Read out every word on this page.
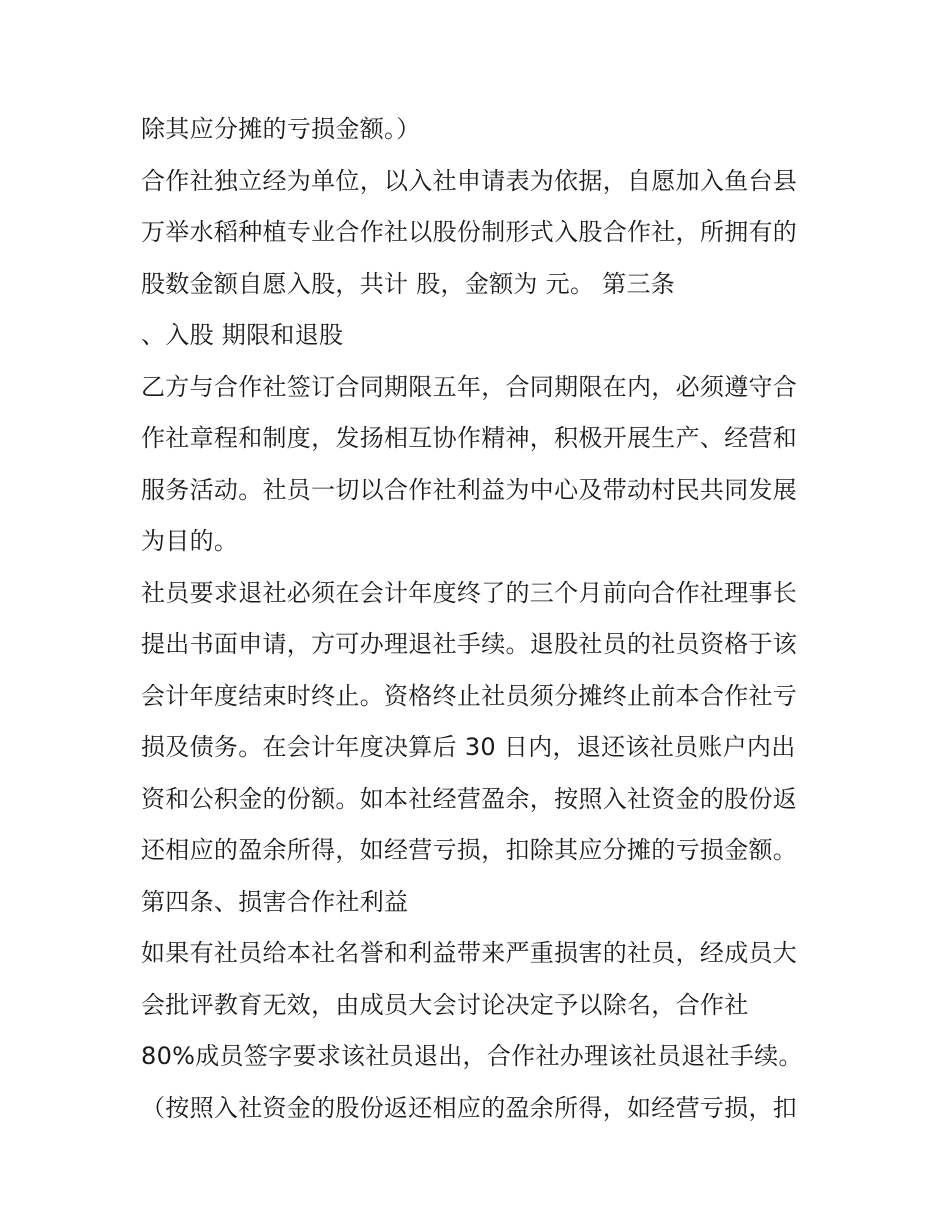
除其应分摊的亏损金额。）
合作社独立经为单位，以入社申请表为依据，自愿加入鱼台县
万举水稻种植专业合作社以股份制形式入股合作社，所拥有的
股数金额自愿入股，共计 股，金额为 元。 第三条
、入股 期限和退股
乙方与合作社签订合同期限五年，合同期限在内，必须遵守合
作社章程和制度，发扬相互协作精神，积极开展生产、经营和
服务活动。社员一切以合作社利益为中心及带动村民共同发展
为目的。
社员要求退社必须在会计年度终了的三个月前向合作社理事长
提出书面申请，方可办理退社手续。退股社员的社员资格于该
会计年度结束时终止。资格终止社员须分摊终止前本合作社亏
损及债务。在会计年度决算后 30 日内，退还该社员账户内出
资和公积金的份额。如本社经营盈余，按照入社资金的股份返
还相应的盈余所得，如经营亏损，扣除其应分摊的亏损金额。
第四条、损害合作社利益
如果有社员给本社名誉和利益带来严重损害的社员，经成员大
会批评教育无效，由成员大会讨论决定予以除名，合作社
80%成员签字要求该社员退出，合作社办理该社员退社手续。
（按照入社资金的股份返还相应的盈余所得，如经营亏损，扣
